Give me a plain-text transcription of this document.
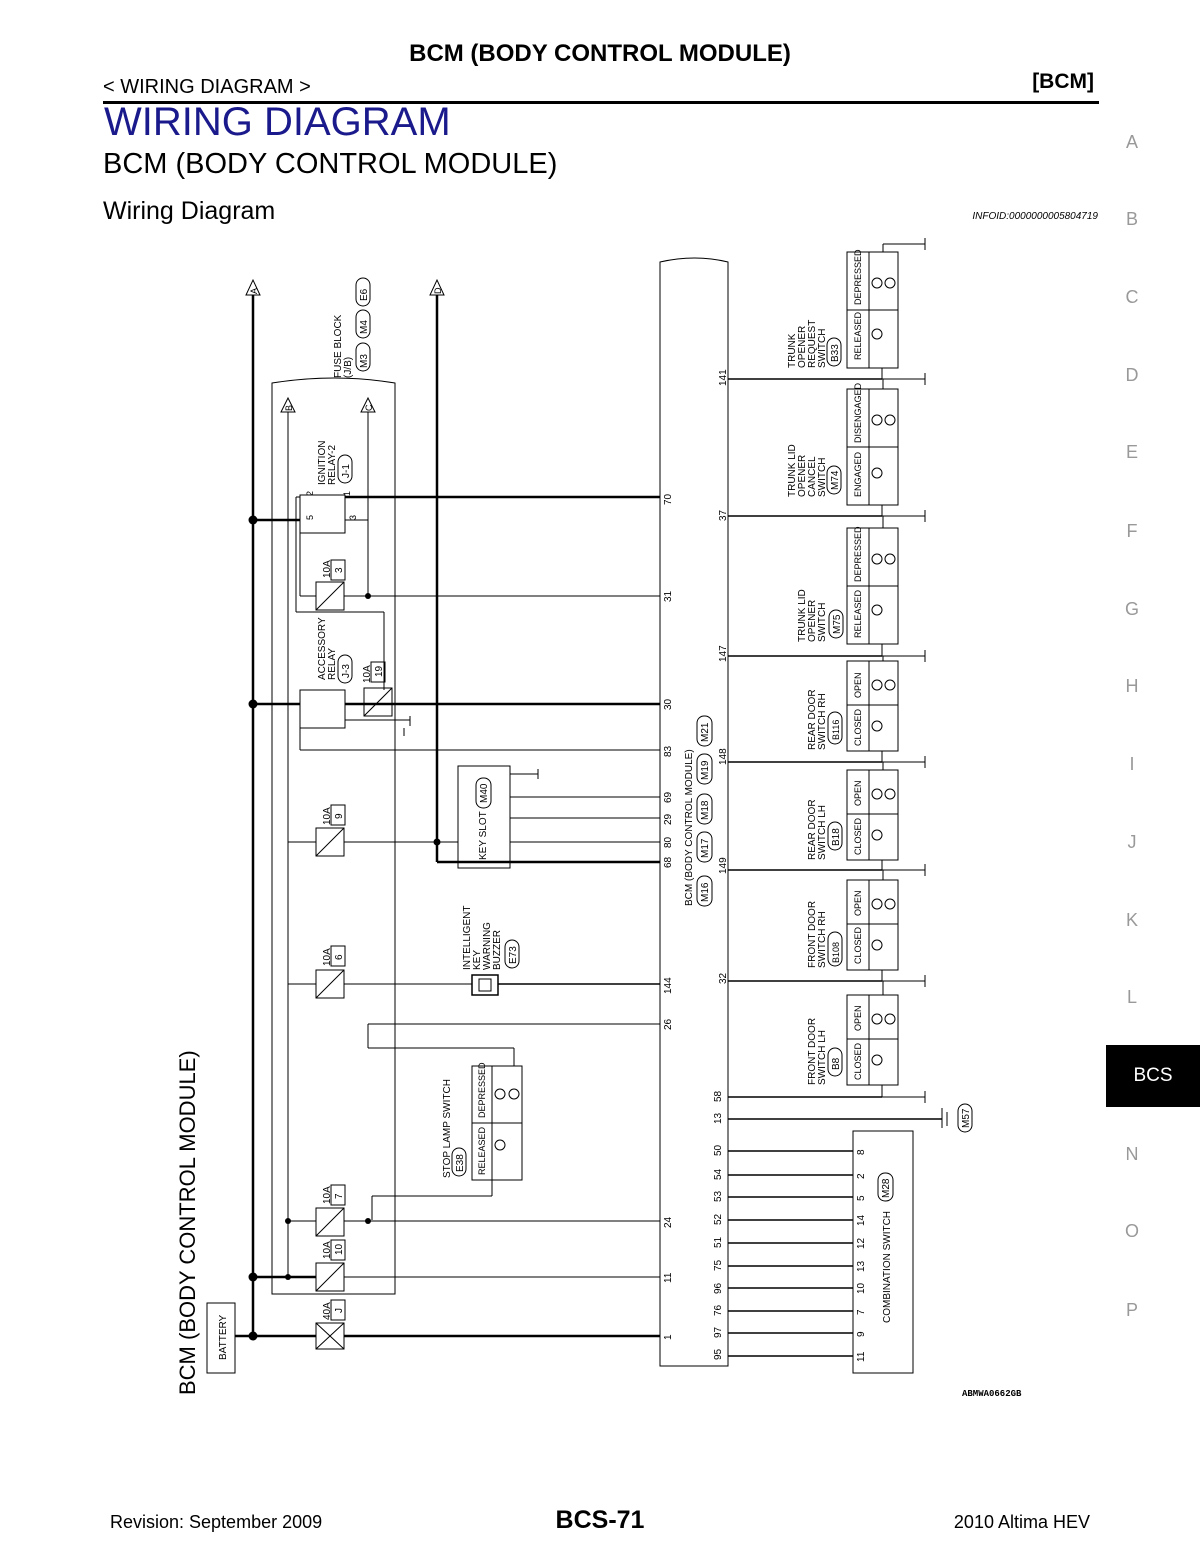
BCM (BODY CONTROL MODULE)
< WIRING DIAGRAM >	[BCM]
WIRING DIAGRAM
BCM (BODY CONTROL MODULE)
Wiring Diagram	INFOID:0000000005804719
A
B
C
D
E
F
G
H
I
J
K
L
BCS
N
O
P
BCM (BODY CONTROL MODULE) BATTERY
A	D
FUSE BLOCK (J/B) M3
M4
E6
B	C
IGNITION RELAY-2 J-1
2	1
5	3
10A 3
ACCESSORY RELAY J-3 10A 19
10A 9	KEY SLOT
M40
10A 6	INTELLIGENT KEY WARNING BUZZER E73
RELEASED
DEPRESSED
STOP LAMP SWITCH E38
10A 7
10A 10
40A J
BCM (BODY CONTROL MODULE) M16
M17
M18
M19
M21
70
31
30
83
69
29
80
68
144
26
24
11
1
141
37
147
148
149
32
58
13
50
54
53
52
51
75
96
76
97
95
M57
COMBINATION SWITCH
M28
8
2
5
14
12
13
10
7
9
11
RELEASED
DEPRESSED
TRUNK OPENER REQUEST SWITCH B33
ENGAGED
DISENGAGED
TRUNK LID OPENER CANCEL SWITCH M74
RELEASED
DEPRESSED
TRUNK LID OPENER SWITCH M75
CLOSED
OPEN
REAR DOOR SWITCH RH B116
CLOSED
OPEN
REAR DOOR SWITCH LH B18
CLOSED
OPEN
FRONT DOOR SWITCH RH B108
CLOSED
OPEN
FRONT DOOR SWITCH LH B8
ABMWA0662GB
Revision: September 2009	BCS-71	2010 Altima HEV
